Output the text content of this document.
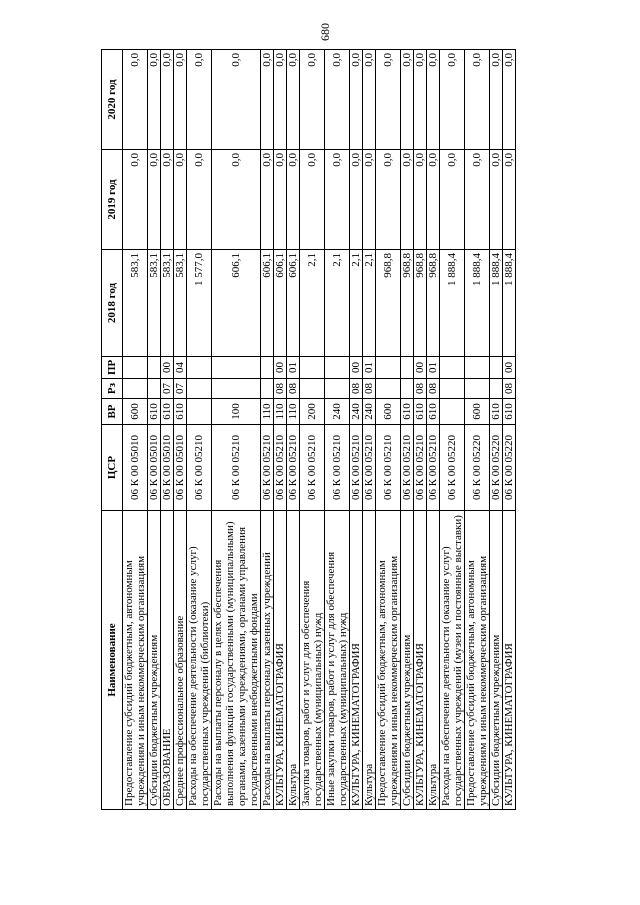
680
Наименование	ЦСР	ВР	Рз	ПР	2018 год	2019 год	2020 год
Предоставление субсидий бюджетным, автономным учреждениям и иным некоммерческим организациям	06 К 00 05010	600			583,1	0,0	0,0
Субсидии бюджетным учреждениям	06 К 00 05010	610			583,1	0,0	0,0
ОБРАЗОВАНИЕ	06 К 00 05010	610	07	00	583,1	0,0	0,0
Среднее профессиональное образование	06 К 00 05010	610	07	04	583,1	0,0	0,0
Расходы на обеспечение деятельности (оказание услуг) государственных учреждений (библиотеки)	06 К 00 05210				1 577,0	0,0	0,0
Расходы на выплаты персоналу в целях обеспечения выполнения функций государственными (муниципальными) органами, казенными учреждениями, органами управления государственными внебюджетными фондами	06 К 00 05210	100			606,1	0,0	0,0
Расходы на выплаты персоналу казенных учреждений	06 К 00 05210	110			606,1	0,0	0,0
КУЛЬТУРА, КИНЕМАТОГРАФИЯ	06 К 00 05210	110	08	00	606,1	0,0	0,0
Культура	06 К 00 05210	110	08	01	606,1	0,0	0,0
Закупка товаров, работ и услуг для обеспечения государственных (муниципальных) нужд	06 К 00 05210	200			2,1	0,0	0,0
Иные закупки товаров, работ и услуг для обеспечения государственных (муниципальных) нужд	06 К 00 05210	240			2,1	0,0	0,0
КУЛЬТУРА, КИНЕМАТОГРАФИЯ	06 К 00 05210	240	08	00	2,1	0,0	0,0
Культура	06 К 00 05210	240	08	01	2,1	0,0	0,0
Предоставление субсидий бюджетным, автономным учреждениям и иным некоммерческим организациям	06 К 00 05210	600			968,8	0,0	0,0
Субсидии бюджетным учреждениям	06 К 00 05210	610			968,8	0,0	0,0
КУЛЬТУРА, КИНЕМАТОГРАФИЯ	06 К 00 05210	610	08	00	968,8	0,0	0,0
Культура	06 К 00 05210	610	08	01	968,8	0,0	0,0
Расходы на обеспечение деятельности (оказание услуг) государственных учреждений (музеи и постоянные выставки)	06 К 00 05220				1 888,4	0,0	0,0
Предоставление субсидий бюджетным, автономным учреждениям и иным некоммерческим организациям	06 К 00 05220	600			1 888,4	0,0	0,0
Субсидии бюджетным учреждениям	06 К 00 05220	610			1 888,4	0,0	0,0
КУЛЬТУРА, КИНЕМАТОГРАФИЯ	06 К 00 05220	610	08	00	1 888,4	0,0	0,0
